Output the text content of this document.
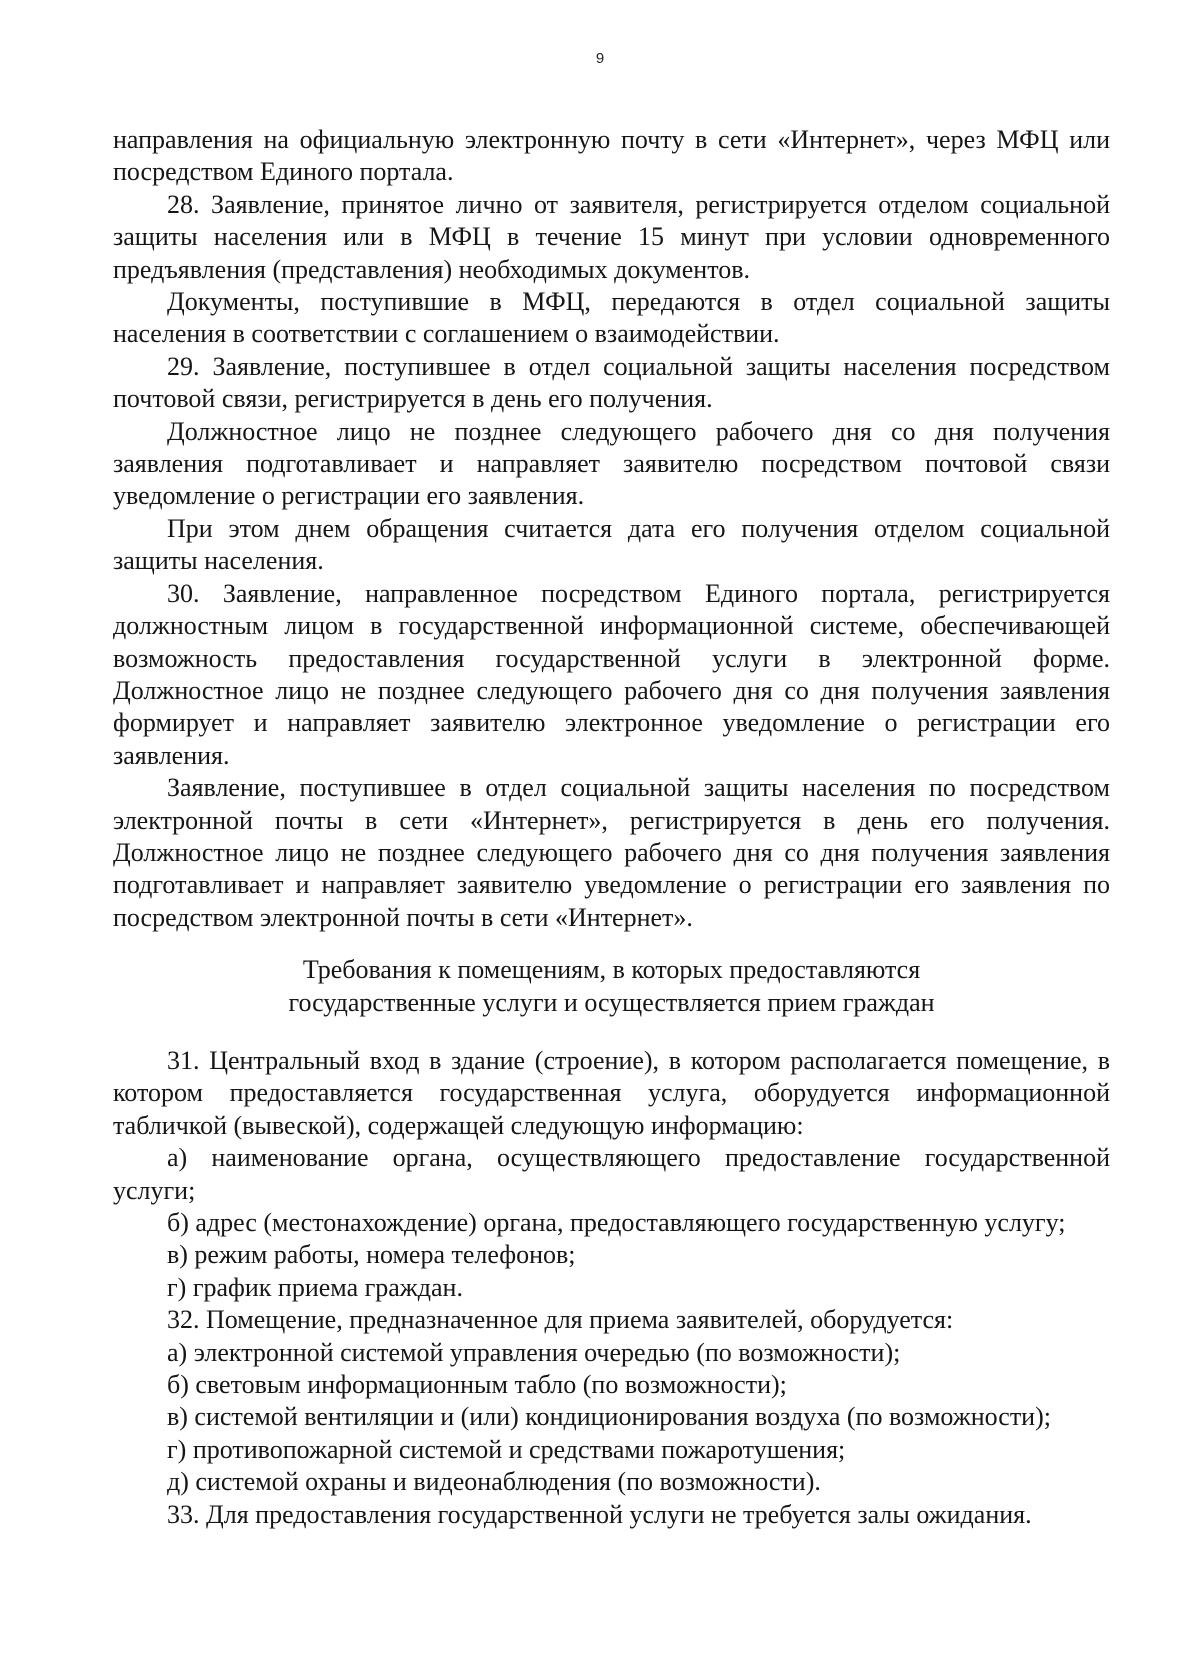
9

направления на официальную электронную почту в сети «Интернет», через МФЦ или посредством Единого портала.

28. Заявление, принятое лично от заявителя, регистрируется отделом социальной защиты населения или в МФЦ в течение 15 минут при условии одновременного предъявления (представления) необходимых документов.

Документы, поступившие в МФЦ, передаются в отдел социальной защиты населения в соответствии с соглашением о взаимодействии.

29. Заявление, поступившее в отдел социальной защиты населения посредством почтовой связи, регистрируется в день его получения.

Должностное лицо не позднее следующего рабочего дня со дня получения заявления подготавливает и направляет заявителю посредством почтовой связи уведомление о регистрации его заявления.

При этом днем обращения считается дата его получения отделом социальной защиты населения.

30. Заявление, направленное посредством Единого портала, регистрируется должностным лицом в государственной информационной системе, обеспечивающей возможность предоставления государственной услуги в электронной форме. Должностное лицо не позднее следующего рабочего дня со дня получения заявления формирует и направляет заявителю электронное уведомление о регистрации его заявления.

Заявление, поступившее в отдел социальной защиты населения по посредством электронной почты в сети «Интернет», регистрируется в день его получения. Должностное лицо не позднее следующего рабочего дня со дня получения заявления подготавливает и направляет заявителю уведомление о регистрации его заявления по посредством электронной почты в сети «Интернет».

Требования к помещениям, в которых предоставляются
государственные услуги и осуществляется прием граждан

31. Центральный вход в здание (строение), в котором располагается помещение, в котором предоставляется государственная услуга, оборудуется информационной табличкой (вывеской), содержащей следующую информацию:

а) наименование органа, осуществляющего предоставление государственной услуги;

б) адрес (местонахождение) органа, предоставляющего государственную услугу;

в) режим работы, номера телефонов;

г) график приема граждан.

32. Помещение, предназначенное для приема заявителей, оборудуется:

а) электронной системой управления очередью (по возможности);

б) световым информационным табло (по возможности);

в) системой вентиляции и (или) кондиционирования воздуха (по возможности);

г) противопожарной системой и средствами пожаротушения;

д) системой охраны и видеонаблюдения (по возможности).

33. Для предоставления государственной услуги не требуется залы ожидания.
